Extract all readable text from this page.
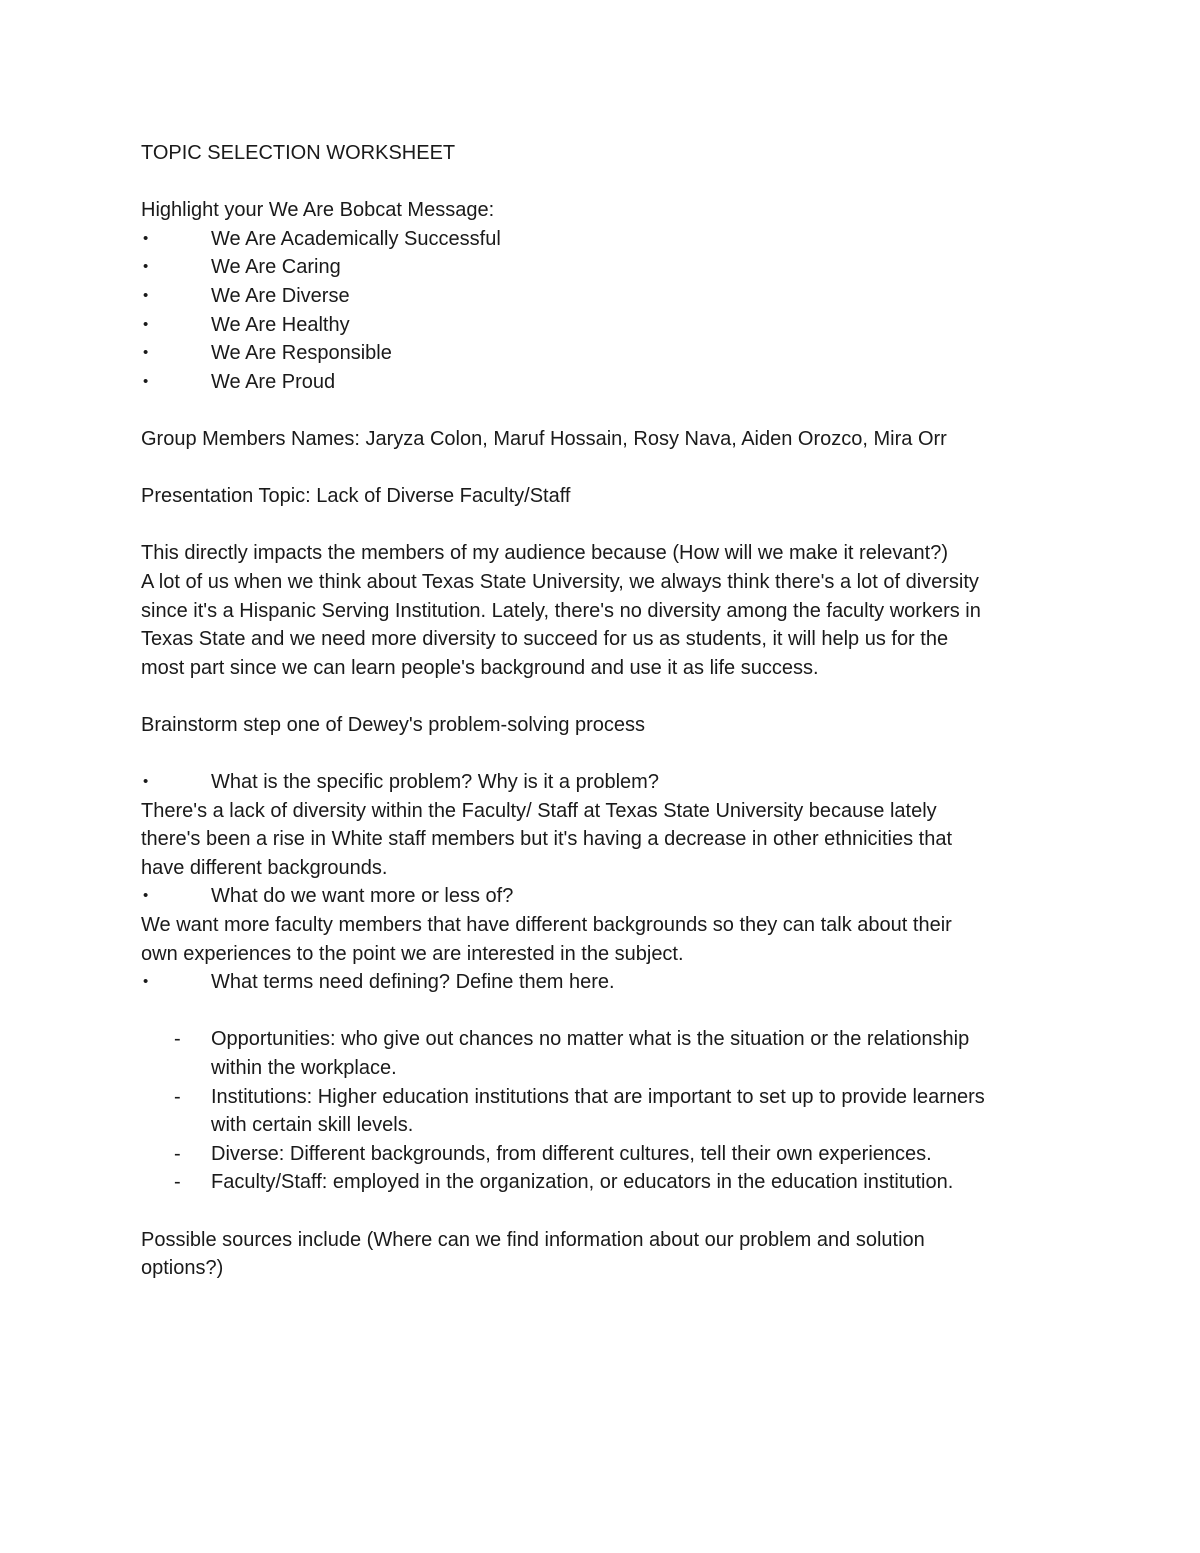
TOPIC SELECTION WORKSHEET
Highlight your We Are Bobcat Message:
•	We Are Academically Successful
•	We Are Caring
•	We Are Diverse
•	We Are Healthy
•	We Are Responsible
•	We Are Proud
Group Members Names: Jaryza Colon, Maruf Hossain, Rosy Nava, Aiden Orozco, Mira Orr
Presentation Topic: Lack of Diverse Faculty/Staff
This directly impacts the members of my audience because (How will we make it relevant?)
A lot of us when we think about Texas State University, we always think there's a lot of diversity
since it's a Hispanic Serving Institution. Lately, there's no diversity among the faculty workers in
Texas State and we need more diversity to succeed for us as students, it will help us for the
most part since we can learn people's background and use it as life success.
Brainstorm step one of Dewey's problem-solving process
•	What is the specific problem? Why is it a problem?
There's a lack of diversity within the Faculty/ Staff at Texas State University because lately
there's been a rise in White staff members but it's having a decrease in other ethnicities that
have different backgrounds.
•	What do we want more or less of?
We want more faculty members that have different backgrounds so they can talk about their
own experiences to the point we are interested in the subject.
•	What terms need defining? Define them here.
-	Opportunities: who give out chances no matter what is the situation or the relationship
within the workplace.
-	Institutions: Higher education institutions that are important to set up to provide learners
with certain skill levels.
-	Diverse: Different backgrounds, from different cultures, tell their own experiences.
-	Faculty/Staff: employed in the organization, or educators in the education institution.
Possible sources include (Where can we find information about our problem and solution
options?)
